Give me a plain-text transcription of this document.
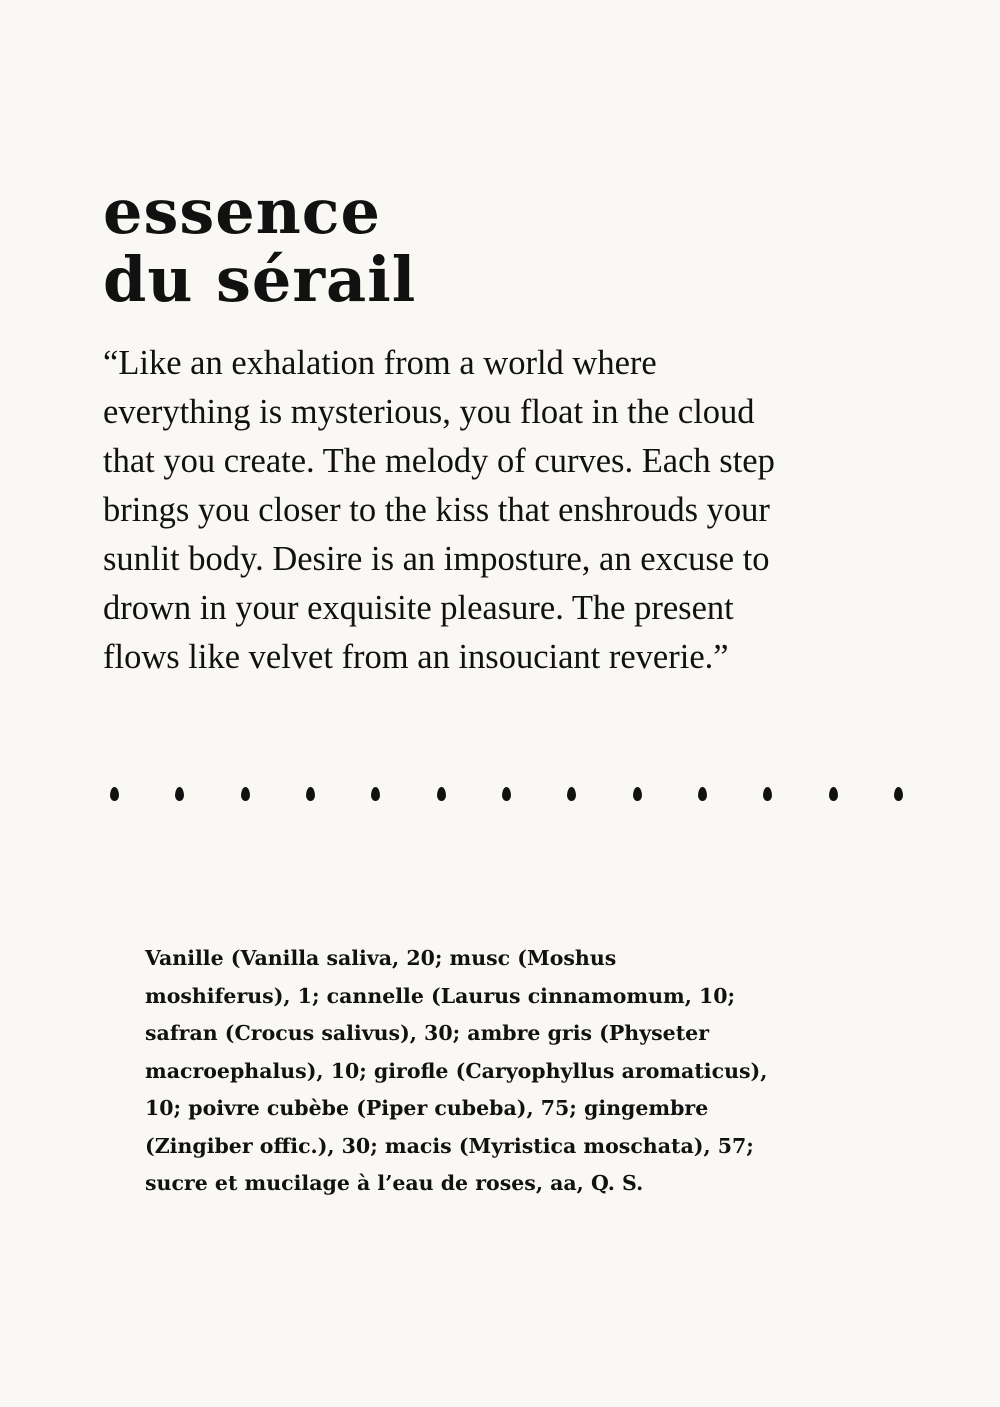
essence
du sérail
“Like an exhalation from a world where
everything is mysterious, you float in the cloud
that you create. The melody of curves. Each step
brings you closer to the kiss that enshrouds your
sunlit body. Desire is an imposture, an excuse to
drown in your exquisite pleasure. The present
flows like velvet from an insouciant reverie.”
Vanille (Vanilla saliva, 20; musc (Moshus
moshiferus), 1; cannelle (Laurus cinnamomum, 10;
safran (Crocus salivus), 30; ambre gris (Physeter
macroephalus), 10; girofle (Caryophyllus aromaticus),
10; poivre cubèbe (Piper cubeba), 75; gingembre
(Zingiber offic.), 30; macis (Myristica moschata), 57;
sucre et mucilage à l’eau de roses, aa, Q. S.
